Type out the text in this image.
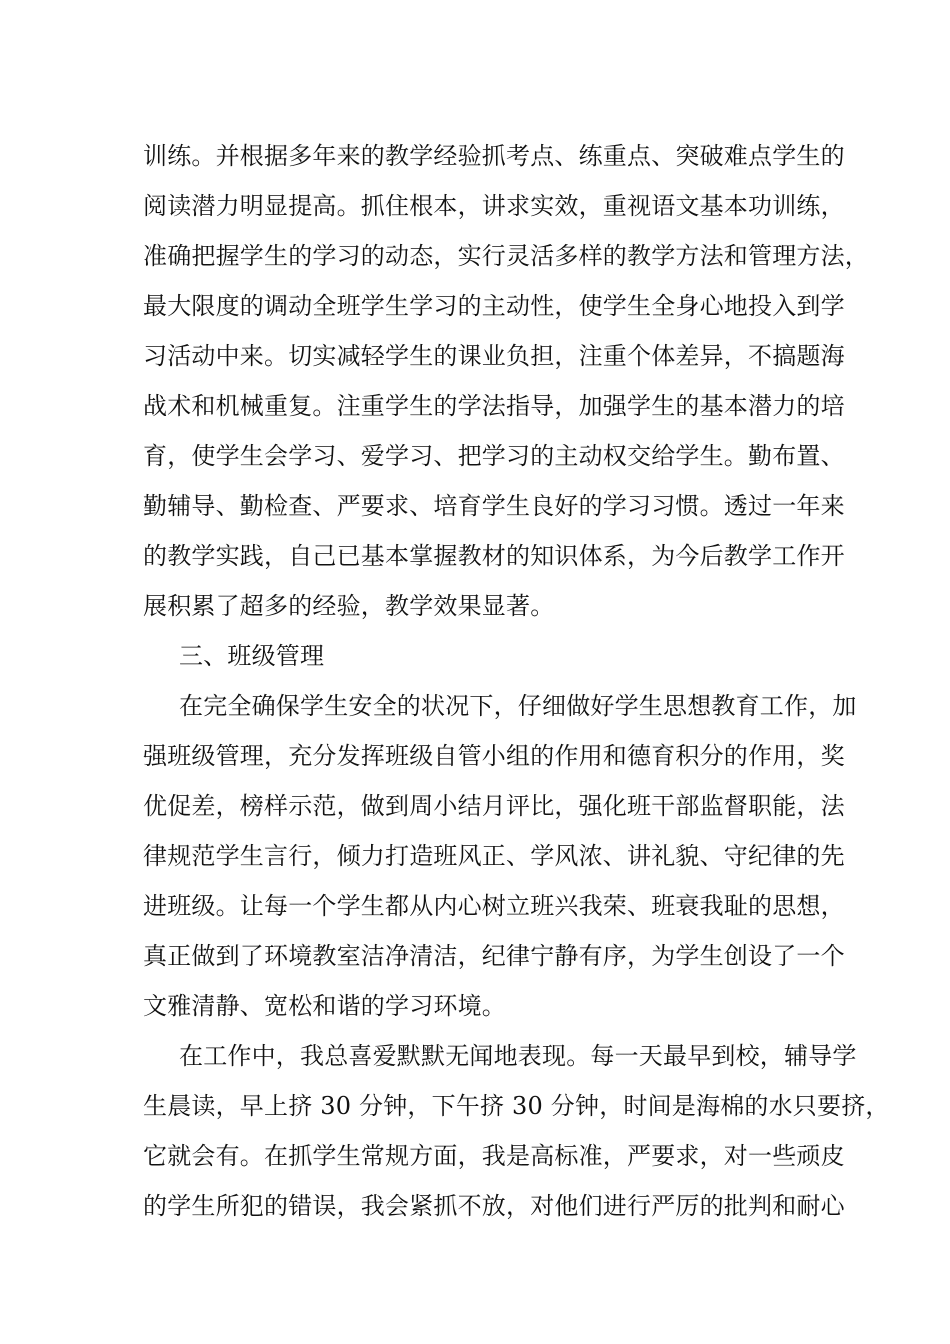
训练。并根据多年来的教学经验抓考点、练重点、突破难点学生的
阅读潜力明显提高。抓住根本，讲求实效，重视语文基本功训练，
准确把握学生的学习的动态，实行灵活多样的教学方法和管理方法，
最大限度的调动全班学生学习的主动性，使学生全身心地投入到学
习活动中来。切实减轻学生的课业负担，注重个体差异，不搞题海
战术和机械重复。注重学生的学法指导，加强学生的基本潜力的培
育，使学生会学习、爱学习、把学习的主动权交给学生。勤布置、
勤辅导、勤检查、严要求、培育学生良好的学习习惯。透过一年来
的教学实践，自己已基本掌握教材的知识体系，为今后教学工作开
展积累了超多的经验，教学效果显著。
三、班级管理
在完全确保学生安全的状况下，仔细做好学生思想教育工作，加
强班级管理，充分发挥班级自管小组的作用和德育积分的作用，奖
优促差，榜样示范，做到周小结月评比，强化班干部监督职能，法
律规范学生言行，倾力打造班风正、学风浓、讲礼貌、守纪律的先
进班级。让每一个学生都从内心树立班兴我荣、班衰我耻的思想，
真正做到了环境教室洁净清洁，纪律宁静有序，为学生创设了一个
文雅清静、宽松和谐的学习环境。
在工作中，我总喜爱默默无闻地表现。每一天最早到校，辅导学
生晨读，早上挤 30 分钟，下午挤 30 分钟，时间是海棉的水只要挤，
它就会有。在抓学生常规方面，我是高标准，严要求，对一些顽皮
的学生所犯的错误，我会紧抓不放，对他们进行严厉的批判和耐心
